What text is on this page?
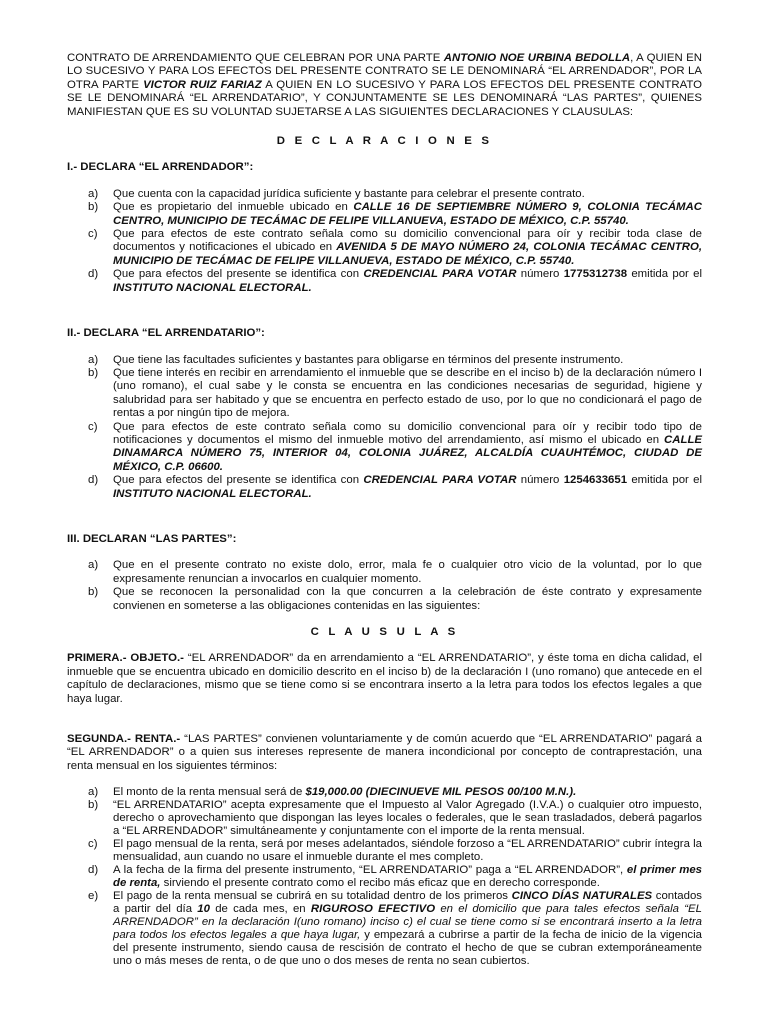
CONTRATO DE ARRENDAMIENTO QUE CELEBRAN POR UNA PARTE ANTONIO NOE URBINA BEDOLLA, A QUIEN EN LO SUCESIVO Y PARA LOS EFECTOS DEL PRESENTE CONTRATO SE LE DENOMINARÁ “EL ARRENDADOR”, POR LA OTRA PARTE VICTOR RUIZ FARIAZ A QUIEN EN LO SUCESIVO Y PARA LOS EFECTOS DEL PRESENTE CONTRATO SE LE DENOMINARÁ “EL ARRENDATARIO”, Y CONJUNTAMENTE SE LES DENOMINARÁ “LAS PARTES”, QUIENES MANIFIESTAN QUE ES SU VOLUNTAD SUJETARSE A LAS SIGUIENTES DECLARACIONES Y CLAUSULAS:

D E C L A R A C I O N E S

I.- DECLARA “EL ARRENDADOR”:
a) Que cuenta con la capacidad jurídica suficiente y bastante para celebrar el presente contrato.
b) Que es propietario del inmueble ubicado en CALLE 16 DE SEPTIEMBRE NÚMERO 9, COLONIA TECÁMAC CENTRO, MUNICIPIO DE TECÁMAC DE FELIPE VILLANUEVA, ESTADO DE MÉXICO, C.P. 55740.
c) Que para efectos de este contrato señala como su domicilio convencional para oír y recibir toda clase de documentos y notificaciones el ubicado en AVENIDA 5 DE MAYO NÚMERO 24, COLONIA TECÁMAC CENTRO, MUNICIPIO DE TECÁMAC DE FELIPE VILLANUEVA, ESTADO DE MÉXICO, C.P. 55740.
d) Que para efectos del presente se identifica con CREDENCIAL PARA VOTAR número 1775312738 emitida por el INSTITUTO NACIONAL ELECTORAL.
II.- DECLARA “EL ARRENDATARIO”:
a) Que tiene las facultades suficientes y bastantes para obligarse en términos del presente instrumento.
b) Que tiene interés en recibir en arrendamiento el inmueble que se describe en el inciso b) de la declaración número I (uno romano), el cual sabe y le consta se encuentra en las condiciones necesarias de seguridad, higiene y salubridad para ser habitado y que se encuentra en perfecto estado de uso, por lo que no condicionará el pago de rentas a por ningún tipo de mejora.
c) Que para efectos de este contrato señala como su domicilio convencional para oír y recibir todo tipo de notificaciones y documentos el mismo del inmueble motivo del arrendamiento, así mismo el ubicado en CALLE DINAMARCA NÚMERO 75, INTERIOR 04, COLONIA JUÁREZ, ALCALDÍA CUAUHTÉMOC, CIUDAD DE MÉXICO, C.P. 06600.
d) Que para efectos del presente se identifica con CREDENCIAL PARA VOTAR número 1254633651 emitida por el INSTITUTO NACIONAL ELECTORAL.
III. DECLARAN “LAS PARTES”:
a) Que en el presente contrato no existe dolo, error, mala fe o cualquier otro vicio de la voluntad, por lo que expresamente renuncian a invocarlos en cualquier momento.
b) Que se reconocen la personalidad con la que concurren a la celebración de éste contrato y expresamente convienen en someterse a las obligaciones contenidas en las siguientes:

C L A U S U L A S

PRIMERA.- OBJETO.- “EL ARRENDADOR” da en arrendamiento a “EL ARRENDATARIO”, y éste toma en dicha calidad, el inmueble que se encuentra ubicado en domicilio descrito en el inciso b) de la declaración I (uno romano) que antecede en el capítulo de declaraciones, mismo que se tiene como si se encontrara inserto a la letra para todos los efectos legales a que haya lugar.

SEGUNDA.- RENTA.- “LAS PARTES” convienen voluntariamente y de común acuerdo que “EL ARRENDATARIO” pagará a “EL ARRENDADOR” o a quien sus intereses represente de manera incondicional por concepto de contraprestación, una renta mensual en los siguientes términos:

a) El monto de la renta mensual será de $19,000.00 (DIECINUEVE MIL PESOS 00/100 M.N.).
b) “EL ARRENDATARIO” acepta expresamente que el Impuesto al Valor Agregado (I.V.A.) o cualquier otro impuesto, derecho o aprovechamiento que dispongan las leyes locales o federales, que le sean trasladados, deberá pagarlos a “EL ARRENDADOR” simultáneamente y conjuntamente con el importe de la renta mensual.
c) El pago mensual de la renta, será por meses adelantados, siéndole forzoso a “EL ARRENDATARIO” cubrir íntegra la mensualidad, aun cuando no usare el inmueble durante el mes completo.
d) A la fecha de la firma del presente instrumento, “EL ARRENDATARIO” paga a “EL ARRENDADOR”, el primer mes de renta, sirviendo el presente contrato como el recibo más eficaz que en derecho corresponde.
e) El pago de la renta mensual se cubrirá en su totalidad dentro de los primeros CINCO DÍAS NATURALES contados a partir del día 10 de cada mes, en RIGUROSO EFECTIVO en el domicilio que para tales efectos señala “EL ARRENDADOR” en la declaración I(uno romano) inciso c) el cual se tiene como si se encontrará inserto a la letra para todos los efectos legales a que haya lugar, y empezará a cubrirse a partir de la fecha de inicio de la vigencia del presente instrumento, siendo causa de rescisión de contrato el hecho de que se cubran extemporáneamente uno o más meses de renta, o de que uno o dos meses de renta no sean cubiertos.
